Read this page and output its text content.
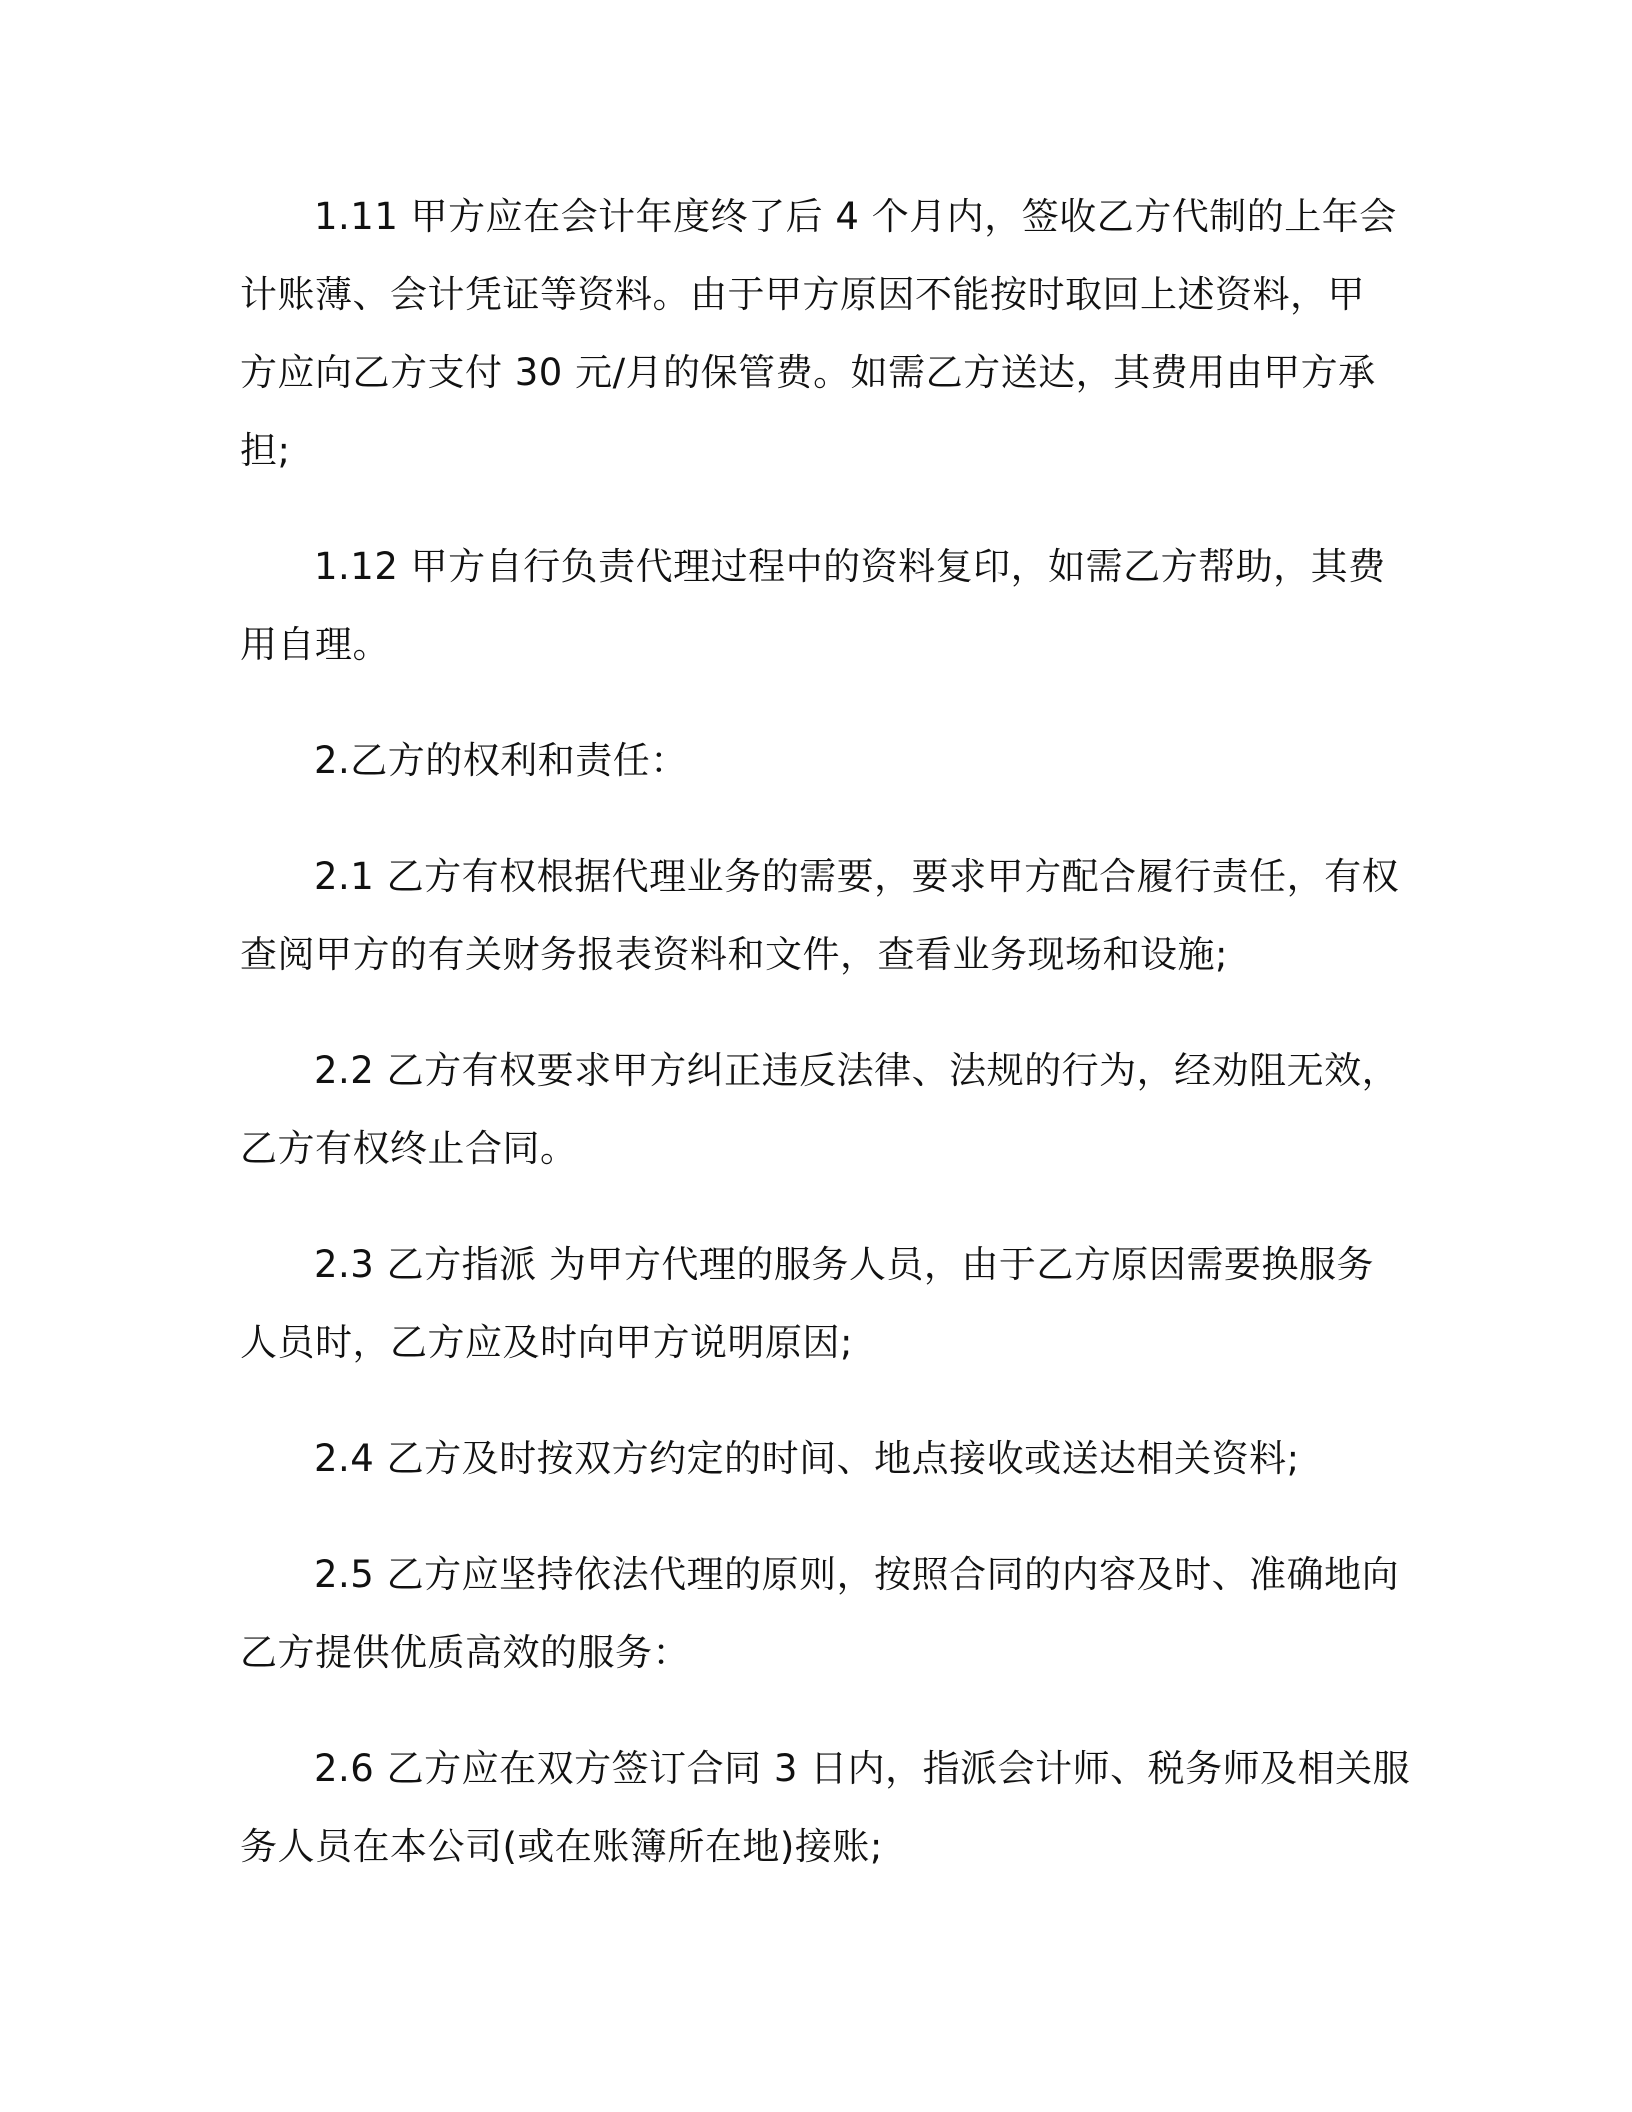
1.11 甲方应在会计年度终了后 4 个月内，签收乙方代制的上年会
计账薄、会计凭证等资料。由于甲方原因不能按时取回上述资料，甲
方应向乙方支付 30 元/月的保管费。如需乙方送达，其费用由甲方承
担;

1.12 甲方自行负责代理过程中的资料复印，如需乙方帮助，其费
用自理。

2.乙方的权利和责任：

2.1 乙方有权根据代理业务的需要，要求甲方配合履行责任，有权
查阅甲方的有关财务报表资料和文件，查看业务现场和设施;

2.2 乙方有权要求甲方纠正违反法律、法规的行为，经劝阻无效，
乙方有权终止合同。

2.3 乙方指派 为甲方代理的服务人员，由于乙方原因需要换服务
人员时，乙方应及时向甲方说明原因;

2.4 乙方及时按双方约定的时间、地点接收或送达相关资料;

2.5 乙方应坚持依法代理的原则，按照合同的内容及时、准确地向
乙方提供优质高效的服务：

2.6 乙方应在双方签订合同 3 日内，指派会计师、税务师及相关服
务人员在本公司(或在账簿所在地)接账;
